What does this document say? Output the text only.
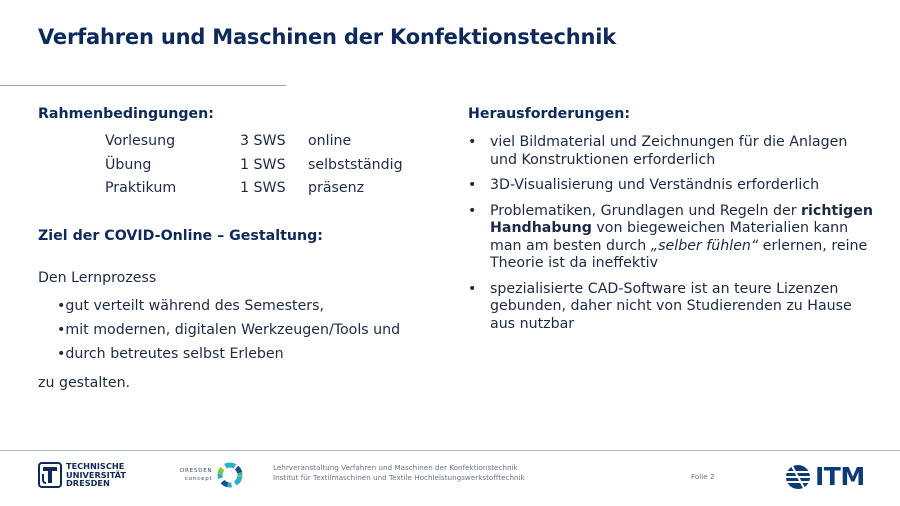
Verfahren und Maschinen der Konfektionstechnik
Rahmenbedingungen:
Vorlesung	3 SWS	online
Übung	1 SWS	selbstständig
Praktikum	1 SWS	präsenz
Ziel der COVID-Online – Gestaltung:
Den Lernprozess
•gut verteilt während des Semesters,
•mit modernen, digitalen Werkzeugen/Tools und
•durch betreutes selbst Erleben
zu gestalten.
Herausforderungen:
• viel Bildmaterial und Zeichnungen für die Anlagen und Konstruktionen erforderlich
• 3D-Visualisierung und Verständnis erforderlich
• Problematiken, Grundlagen und Regeln der richtigen Handhabung von biegeweichen Materialien kann man am besten durch „selber fühlen“ erlernen, reine Theorie ist da ineffektiv
• spezialisierte CAD-Software ist an teure Lizenzen gebunden, daher nicht von Studierenden zu Hause aus nutzbar
TECHNISCHE
UNIVERSITÄT
DRESDEN
DRESDEN
concept
Lehrveranstaltung Verfahren und Maschinen der Konfektionstechnik
Institut für Textilmaschinen und Textile Hochleistungswerkstofftechnik	Folie 2	ITM
